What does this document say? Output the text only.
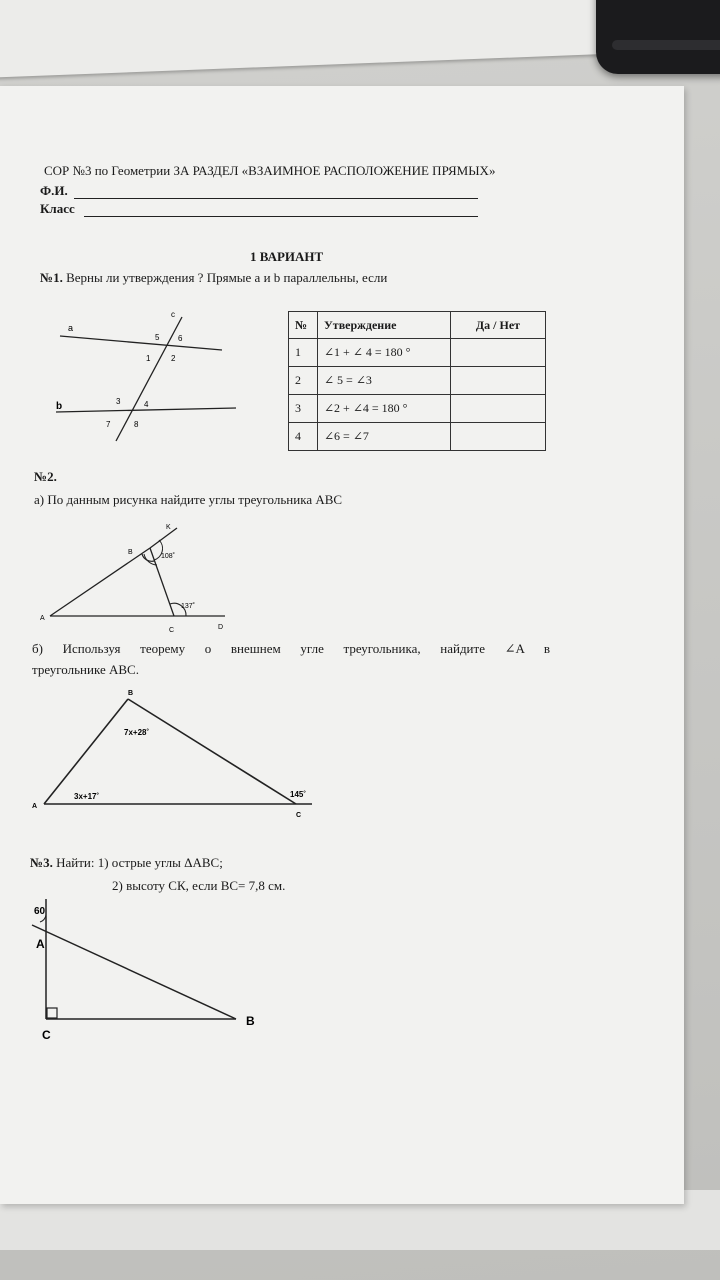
СОР №3 по Геометрии ЗА РАЗДЕЛ «ВЗАИМНОЕ РАСПОЛОЖЕНИЕ ПРЯМЫХ»
Ф.И.
Класс
1 ВАРИАНТ
№1. Верны ли утверждения ? Прямые а и b параллельны, если
c
a
b
5 6
1	2
3	4
7	8
№	Утверждение	Да / Нет
1	∠1 + ∠ 4 = 180 °	
2	∠ 5 = ∠3	
3	∠2 + ∠4 = 180 °	
4	∠6 = ∠7	
№2.
а) По данным рисунка найдите углы треугольника АВС
K
B
108˚
137˚
A
C	D
б) Используя теорему о внешнем угле треугольника, найдите ∠A в
треугольнике ABC.
B
7x+28˚
3x+17˚	145˚
A
C
№3. Найти: 1) острые углы ΔАВС;
2) высоту СК, если ВС= 7,8 см.
60
A
C
B
